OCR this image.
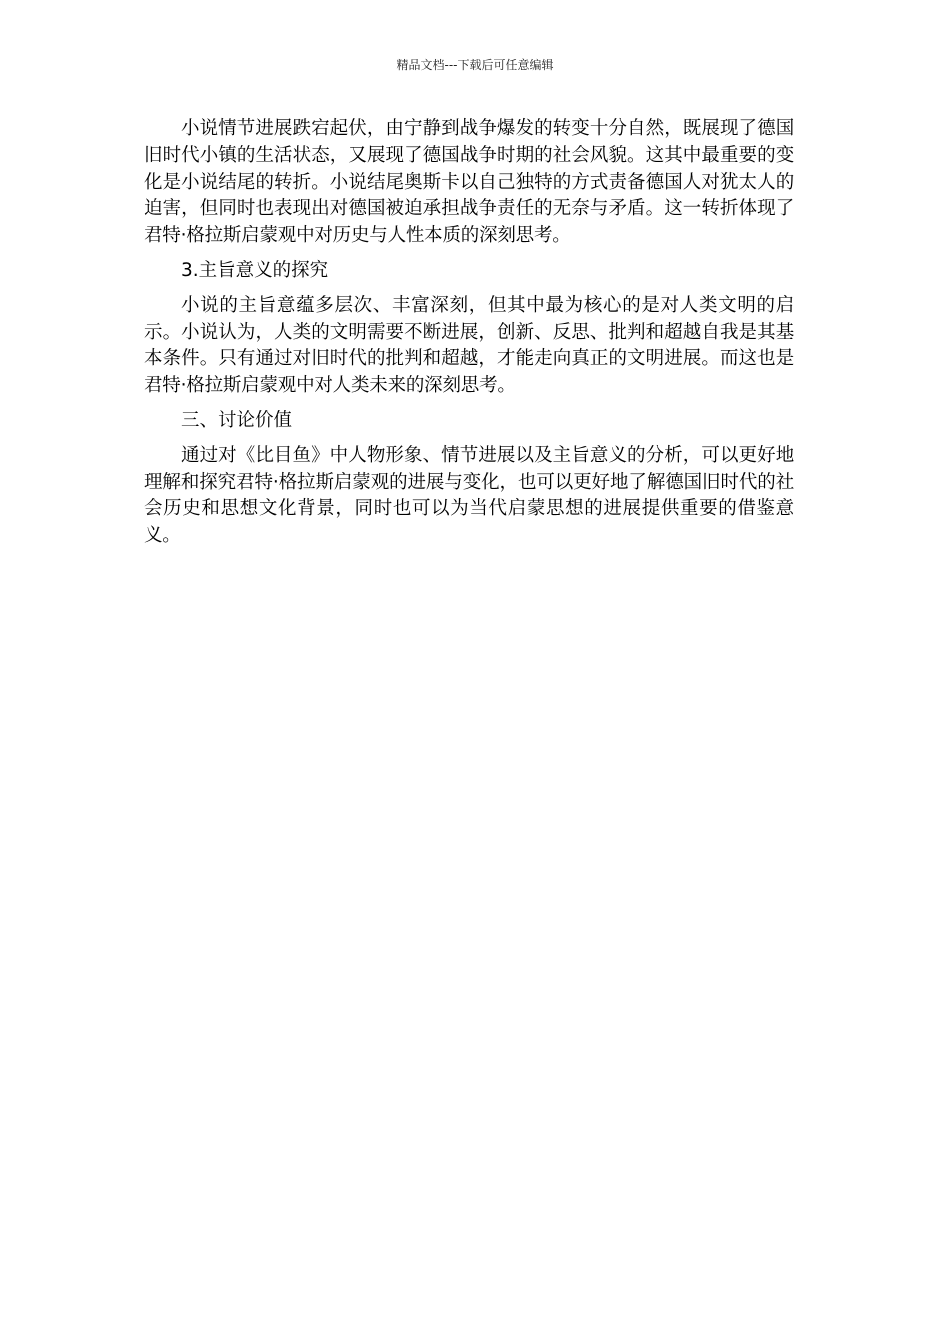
精品文档---下载后可任意编辑

小说情节进展跌宕起伏，由宁静到战争爆发的转变十分自然，既展现了德国旧时代小镇的生活状态，又展现了德国战争时期的社会风貌。这其中最重要的变化是小说结尾的转折。小说结尾奥斯卡以自己独特的方式责备德国人对犹太人的迫害，但同时也表现出对德国被迫承担战争责任的无奈与矛盾。这一转折体现了君特·格拉斯启蒙观中对历史与人性本质的深刻思考。

3.主旨意义的探究

小说的主旨意蕴多层次、丰富深刻，但其中最为核心的是对人类文明的启示。小说认为，人类的文明需要不断进展，创新、反思、批判和超越自我是其基本条件。只有通过对旧时代的批判和超越，才能走向真正的文明进展。而这也是君特·格拉斯启蒙观中对人类未来的深刻思考。

三、讨论价值

通过对《比目鱼》中人物形象、情节进展以及主旨意义的分析，可以更好地理解和探究君特·格拉斯启蒙观的进展与变化，也可以更好地了解德国旧时代的社会历史和思想文化背景，同时也可以为当代启蒙思想的进展提供重要的借鉴意义。
